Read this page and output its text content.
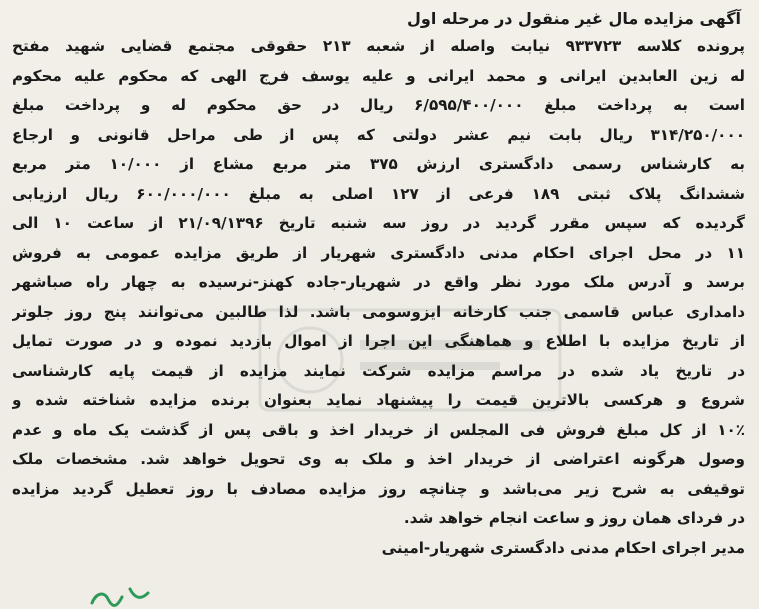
آگهی مزایده مال غیر منقول در مرحله اول
پرونده کلاسه ۹۳۳۷۲۳ نیابت واصله از شعبه ۲۱۳ حقوقی مجتمع قضایی شهید مفتح
له زین العابدین ایرانی و محمد ایرانی و علیه یوسف فرج الهی که محکوم علیه محکوم
است به پرداخت مبلغ ۶/۵۹۵/۴۰۰/۰۰۰ ریال در حق محکوم له و پرداخت مبلغ
۳۱۴/۲۵۰/۰۰۰ ریال بابت نیم عشر دولتی که پس از طی مراحل قانونی و ارجاع
به کارشناس رسمی دادگستری ارزش ۳۷۵ متر مربع مشاع از ۱۰/۰۰۰ متر مربع
ششدانگ پلاک ثبتی ۱۸۹ فرعی از ۱۲۷ اصلی به مبلغ ۶۰۰/۰۰۰/۰۰۰ ریال ارزیابی
گردیده که سپس مقرر گردید در روز سه شنبه تاریخ ۲۱/۰۹/۱۳۹۶ از ساعت ۱۰ الی
۱۱ در محل اجرای احکام مدنی دادگستری شهریار از طریق مزایده عمومی به فروش
برسد و آدرس ملک مورد نظر واقع در شهریار-جاده کهنز-نرسیده به چهار راه صباشهر
دامداری عباس قاسمی جنب کارخانه ایزوسومی باشد. لذا طالبین می‌توانند پنج روز جلوتر
از تاریخ مزایده با اطلاع و هماهنگی این اجرا از اموال بازدید نموده و در صورت تمایل
در تاریخ یاد شده در مراسم مزایده شرکت نمایند مزایده از قیمت پایه کارشناسی
شروع و هرکسی بالاترین قیمت را پیشنهاد نماید بعنوان برنده مزایده شناخته شده و
۱۰٪ از کل مبلغ فروش فی المجلس از خریدار اخذ و باقی پس از گذشت یک ماه و عدم
وصول هرگونه اعتراضی از خریدار اخذ و ملک به وی تحویل خواهد شد. مشخصات ملک
توقیفی به شرح زیر می‌باشد و چنانچه روز مزایده مصادف با روز تعطیل گردید مزایده
در فردای همان روز و ساعت انجام خواهد شد.
مدیر اجرای احکام مدنی دادگستری شهریار-امینی
